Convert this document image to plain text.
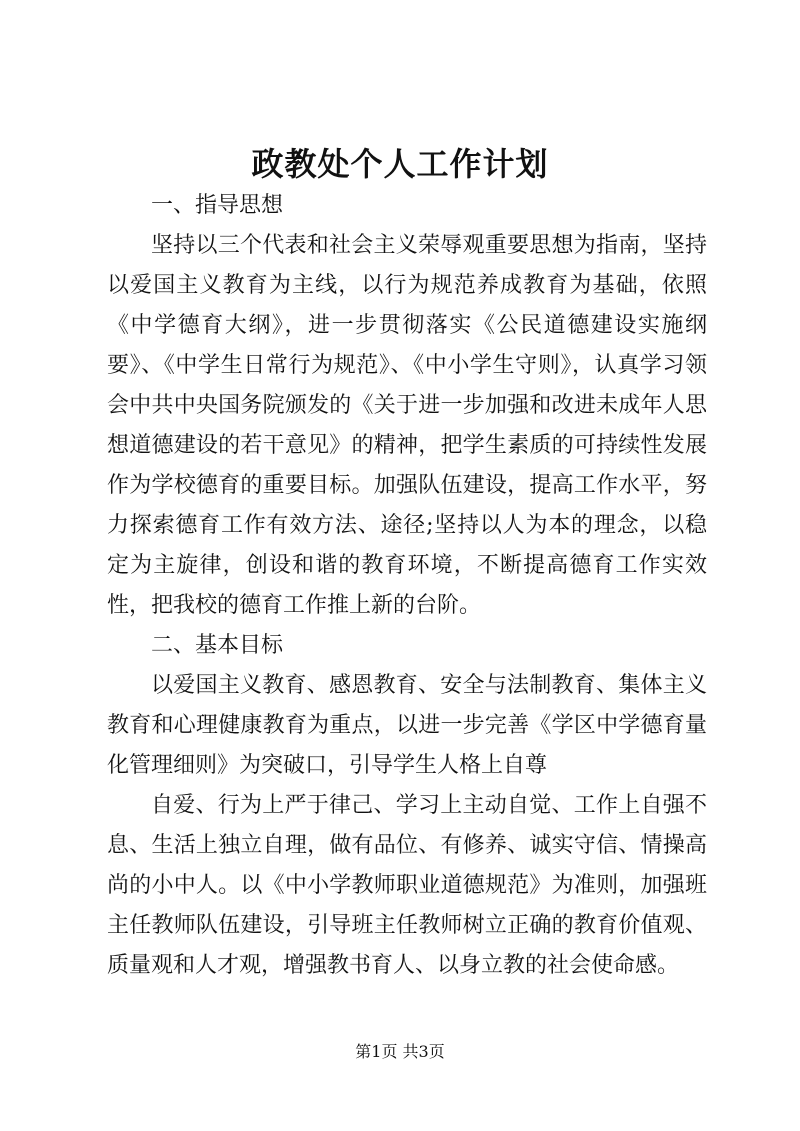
政教处个人工作计划

一、指导思想

坚持以三个代表和社会主义荣辱观重要思想为指南，坚持以爱国主义教育为主线，以行为规范养成教育为基础，依照《中学德育大纲》，进一步贯彻落实《公民道德建设实施纲要》、《中学生日常行为规范》、《中小学生守则》，认真学习领会中共中央国务院颁发的《关于进一步加强和改进未成年人思想道德建设的若干意见》的精神，把学生素质的可持续性发展作为学校德育的重要目标。加强队伍建设，提高工作水平，努力探索德育工作有效方法、途径;坚持以人为本的理念，以稳定为主旋律，创设和谐的教育环境，不断提高德育工作实效性，把我校的德育工作推上新的台阶。

二、基本目标

以爱国主义教育、感恩教育、安全与法制教育、集体主义教育和心理健康教育为重点，以进一步完善《学区中学德育量化管理细则》为突破口，引导学生人格上自尊

自爱、行为上严于律己、学习上主动自觉、工作上自强不息、生活上独立自理，做有品位、有修养、诚实守信、情操高尚的小中人。以《中小学教师职业道德规范》为准则，加强班主任教师队伍建设，引导班主任教师树立正确的教育价值观、质量观和人才观，增强教书育人、以身立教的社会使命感。

第1页 共3页
